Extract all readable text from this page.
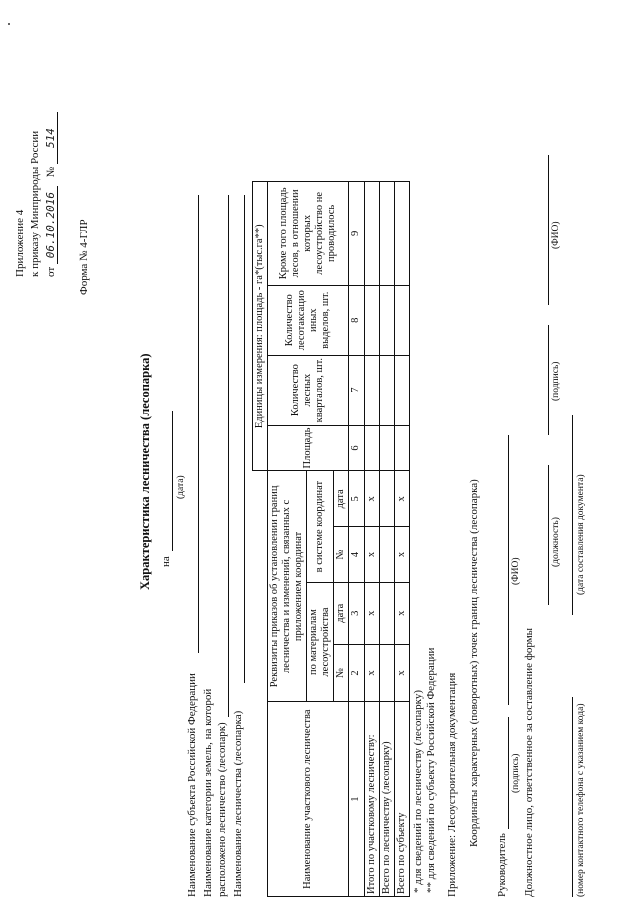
Приложение 4 к приказу Минприроды России от 06.10.2016 № 514
Форма № 4-ГЛР
Характеристика лесничества (лесопарка) на
(дата)
Наименование субъекта Российской Федерации Наименование категории земель, на которой расположено лесничество (лесопарк) Наименование лесничества (лесопарка)
					Единицы измерения: площадь - га*(тыс.га**)			
Наименование участкового лесничества	Реквизиты приказов об установлении границ лесничества и изменений, связанных с приложением координат				Площадь	Количество лесных кварталов, шт.	Количество лесотаксацио иных выделов, шт.	Кроме того площадь лесов, в отношении которых лесоустройство не проводилось
	по материалам лесоустройства		в системе координат					
	№	дата	№	дата				
1	2	3	4	5	6	7	8	9
Итого по участковому лесничеству:	х	х	х	х				
Всего по лесничеству (лесопарку)								
Всего по субъекту	х	х	х	х				
* для сведений по лесничеству (лесопарку) ** для сведений по субъекту Российской Федерации Приложение: Лесоустроительная документация Координаты характерных (поворотных) точек границ лесничества (лесопарка)
Руководитель
(подпись)
(ФИО)
Должностное лицо, ответственное за составление формы
(должность)
(подпись)
(ФИО)
(номер контактного телефона с указанием кода)
(дата составления документа)
